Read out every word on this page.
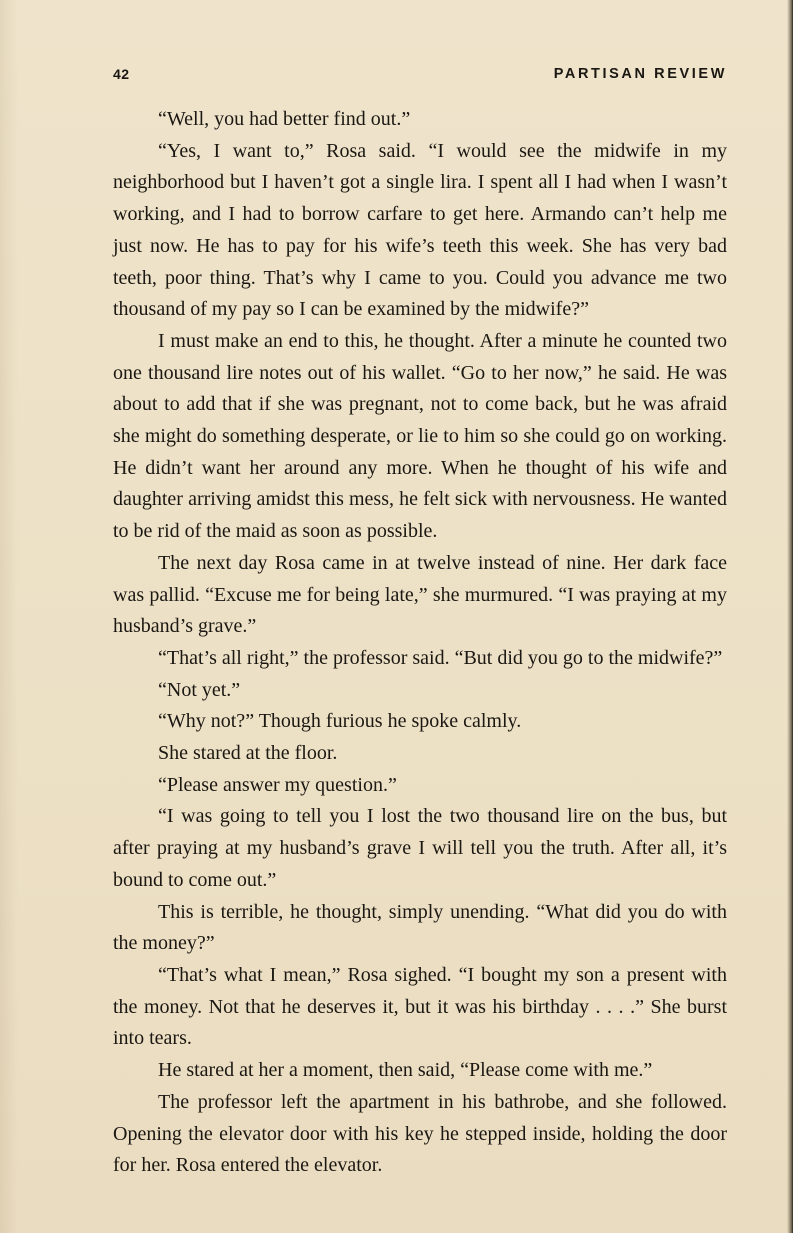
42	PARTISAN REVIEW

“Well, you had better find out.”

“Yes, I want to,” Rosa said. “I would see the midwife in my neighborhood but I haven’t got a single lira. I spent all I had when I wasn’t working, and I had to borrow carfare to get here. Armando can’t help me just now. He has to pay for his wife’s teeth this week. She has very bad teeth, poor thing. That’s why I came to you. Could you advance me two thousand of my pay so I can be examined by the midwife?”

I must make an end to this, he thought. After a minute he counted two one thousand lire notes out of his wallet. “Go to her now,” he said. He was about to add that if she was pregnant, not to come back, but he was afraid she might do something desperate, or lie to him so she could go on working. He didn’t want her around any more. When he thought of his wife and daughter arriving amidst this mess, he felt sick with nervousness. He wanted to be rid of the maid as soon as possible.

The next day Rosa came in at twelve instead of nine. Her dark face was pallid. “Excuse me for being late,” she murmured. “I was praying at my husband’s grave.”

“That’s all right,” the professor said. “But did you go to the midwife?”

“Not yet.”

“Why not?” Though furious he spoke calmly.

She stared at the floor.

“Please answer my question.”

“I was going to tell you I lost the two thousand lire on the bus, but after praying at my husband’s grave I will tell you the truth. After all, it’s bound to come out.”

This is terrible, he thought, simply unending. “What did you do with the money?”

“That’s what I mean,” Rosa sighed. “I bought my son a present with the money. Not that he deserves it, but it was his birthday . . . .” She burst into tears.

He stared at her a moment, then said, “Please come with me.”

The professor left the apartment in his bathrobe, and she followed. Opening the elevator door with his key he stepped inside, holding the door for her. Rosa entered the elevator.
